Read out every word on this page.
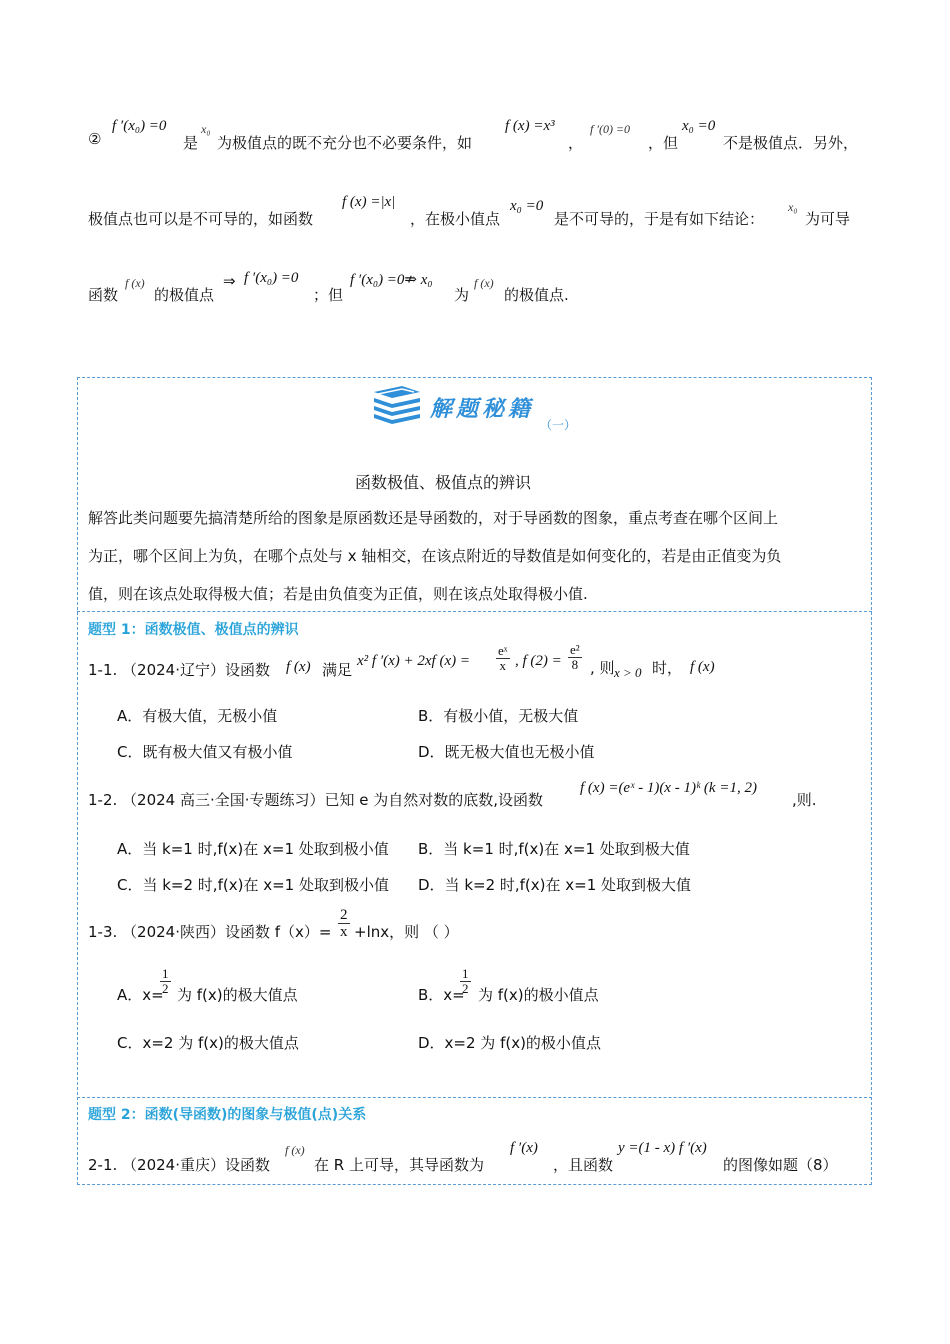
②
f ′(x₀) =0
是
x₀
为极值点的既不充分也不必要条件，如
f (x) =x³
，
f ′(0) =0
，但
x₀ =0
不是极值点．另外，
极值点也可以是不可导的，如函数
f (x) =|x|
，在极小值点
x₀ =0
是不可导的，于是有如下结论：
x₀
为可导
函数
f (x)
的极值点
⇒ f ′(x₀) =0
；但
f ′(x₀) =0⇏ x₀
为
f (x)
的极值点.
解题秘籍
（一）
函数极值、极值点的辨识
解答此类问题要先搞清楚所给的图象是原函数还是导函数的，对于导函数的图象，重点考查在哪个区间上
为正，哪个区间上为负，在哪个点处与 x 轴相交，在该点附近的导数值是如何变化的，若是由正值变为负
值，则在该点处取得极大值；若是由负值变为正值，则在该点处取得极小值.
题型 1：函数极值、极值点的辨识
1-1. （2024·辽宁）设函数 f (x) 满足 x² f ′(x) + 2xf $(x) = \frac{\text{eˣ}}{x}$ , f $(2) = \frac{\text{e²}}{8}$ , 则 x > 0 时， f (x)
A．有极大值，无极小值	B．有极小值，无极大值
C．既有极大值又有极小值	D．既无极大值也无极小值
1-2. （2024 高三·全国·专题练习）已知 e 为自然对数的底数,设函数
f (x) =(eˣ - 1)(x - 1)ᵏ (k =1, 2)
,则.
A．当 k=1 时,f(x)在 x=1 处取到极小值 B．当 k=1 时,f(x)在 x=1 处取到极大值
C．当 k=2 时,f(x)在 x=1 处取到极小值 D．当 k=2 时,f(x)在 x=1 处取到极大值
1-3. （2024·陕西）设函数 $f(x)= \frac{2}{x} +\ln x$，则 （ ）
A．x=
$\frac{1}{2}$ 为 f(x)的极大值点	B．x=
$\frac{1}{2}$ 为 f(x)的极小值点
C．x=2 为 f(x)的极大值点	D．x=2 为 f(x)的极小值点
题型 2：函数(导函数)的图象与极值(点)关系
2-1. （2024·重庆）设函数
f (x)
在 R 上可导，其导函数为
f ′(x)
，且函数
y =(1 - x) f ′(x)
的图像如题（8）
